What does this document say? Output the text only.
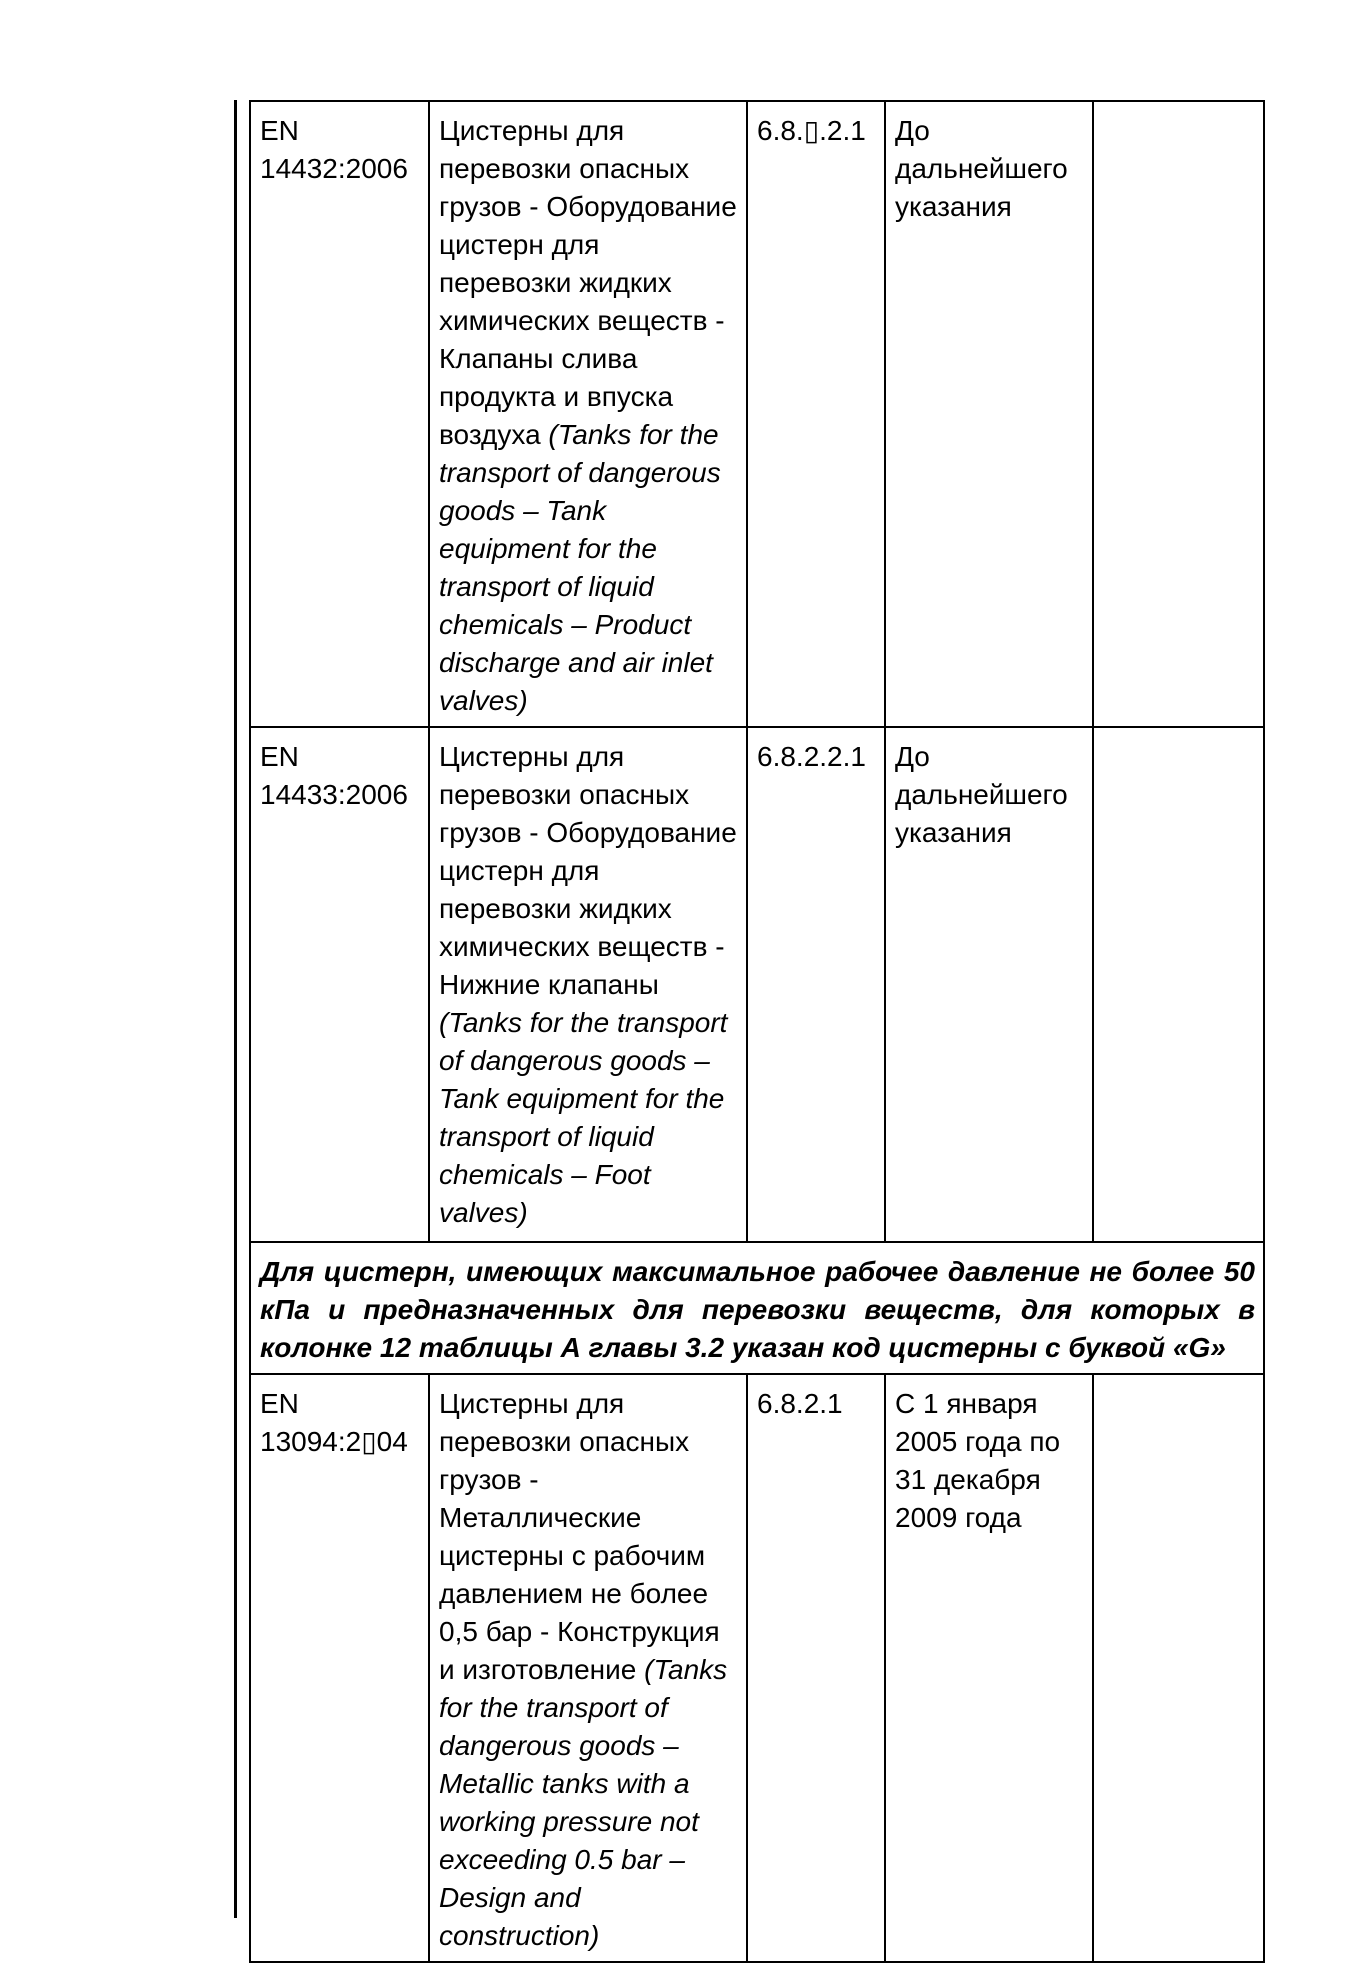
EN 14432:2006	Цистерны для перевозки опасных грузов - Оборудование цистерн для перевозки жидких химических веществ - Клапаны слива продукта и впуска воздуха (Tanks for the transport of dangerous goods – Tank equipment for the transport of liquid chemicals – Product discharge and air inlet valves)	6.8.▯.2.1	До дальнейшего указания	
EN 14433:2006	Цистерны для перевозки опасных грузов - Оборудование цистерн для перевозки жидких химических веществ - Нижние клапаны (Tanks for the transport of dangerous goods – Tank equipment for the transport of liquid chemicals – Foot valves)	6.8.2.2.1	До дальнейшего указания	
Для цистерн, имеющих максимальное рабочее давление не более 50 кПа и предназначенных для перевозки веществ, для которых в колонке 12 таблицы А главы 3.2 указан код цистерны с буквой «G»				
EN 13094:2▯04	Цистерны для перевозки опасных грузов - Металлические цистерны с рабочим давлением не более 0,5 бар - Конструкция и изготовление (Tanks for the transport of dangerous goods – Metallic tanks with a working pressure not exceeding 0.5 bar – Design and construction)	6.8.2.1	С 1 января 2005 года по 31 декабря 2009 года	
